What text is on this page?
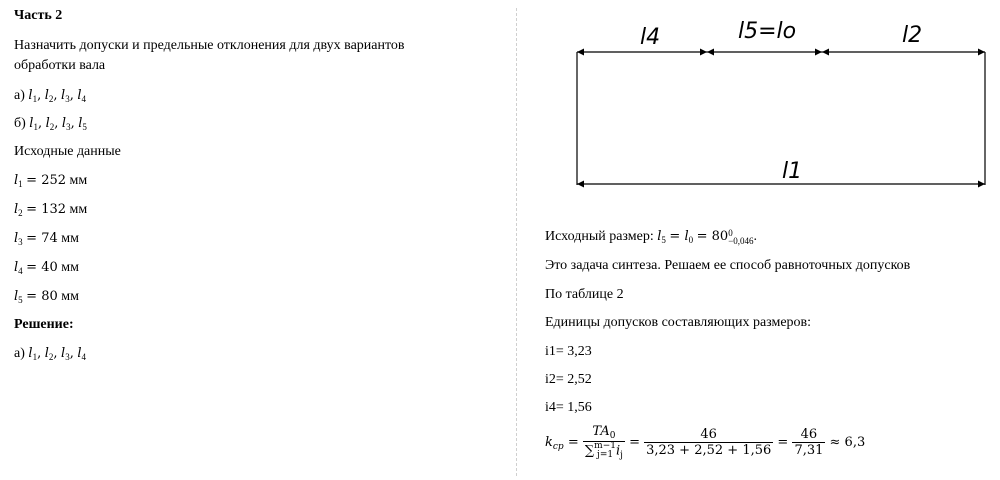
Часть 2
Назначить допуски и предельные отклонения для двух вариантов
обработки вала
а) $l_1$, $l_2$, $l_3$, $l_4$
б) $l_1$, $l_2$, $l_3$, $l_5$
Исходные данные
$l_1 = 252$ мм
$l_2 = 132$ мм
$l_3 = 74$ мм
$l_4 = 40$ мм
$l_5 = 80$ мм
Решение:
а) $l_1$, $l_2$, $l_3$, $l_4$
l4	l5=lo	l2
l1
Исходный размер: $l_5 = l_0 = 80$ 0
−0,046 .
Это задача синтеза. Решаем ее способ равноточных допусков
По таблице 2
Единицы допусков составляющих размеров:
i1= 3,23
i2= 2,52
i4= 1,56
$k_{cp} = TA_0$
∑ m−1
j=1 $i_j = \frac{46}{3,23 + 2,52 + 1,56} = \frac{46}{7,31} \approx 6,3$
